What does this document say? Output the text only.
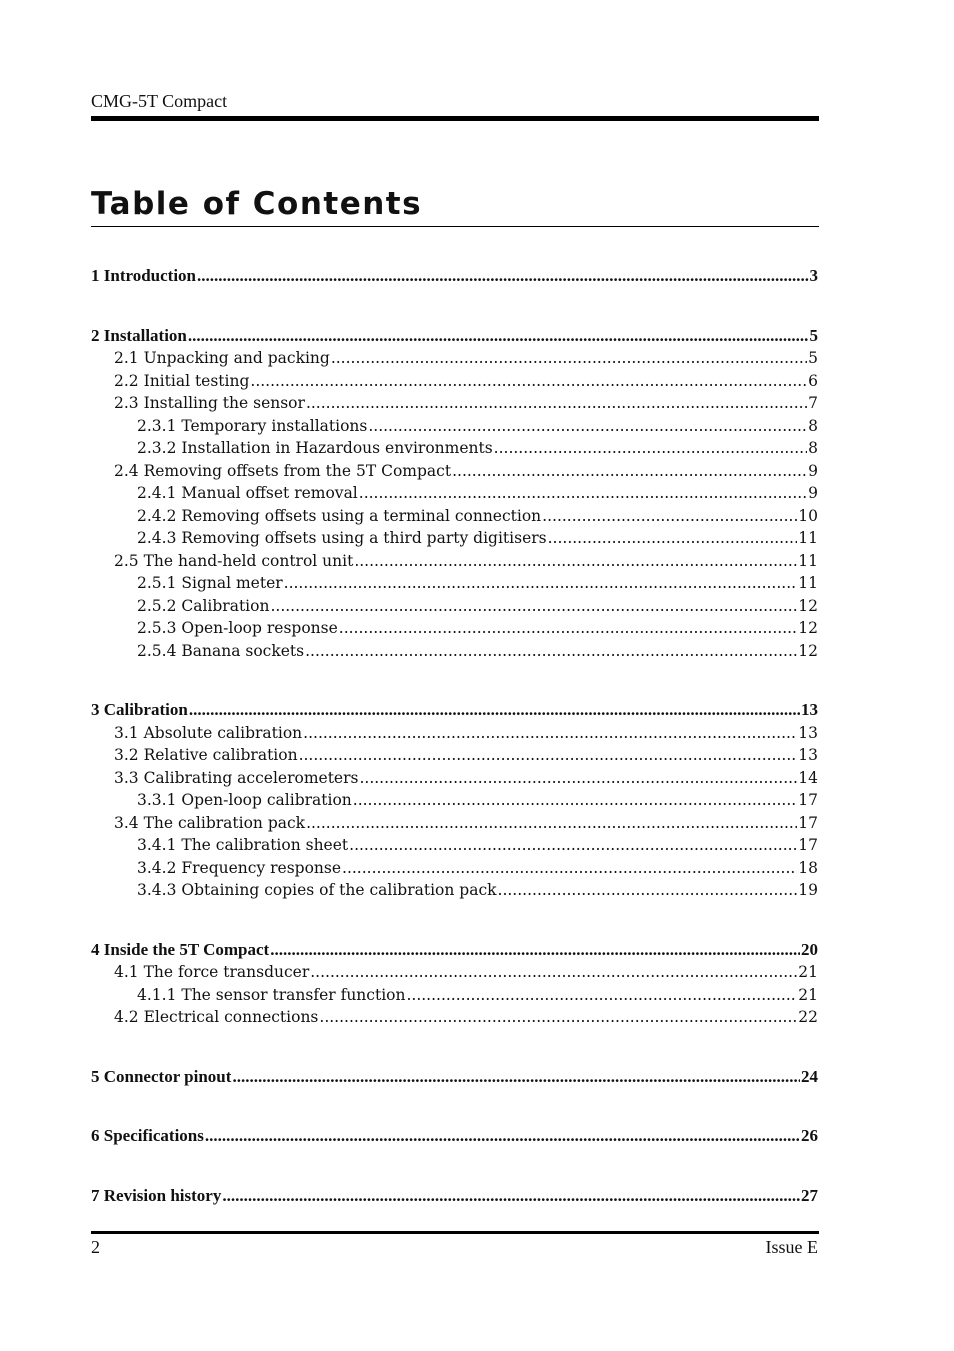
CMG-5T Compact
Table of Contents
1 Introduction .....	3
2 Installation .....	5
2.1 Unpacking and packing .....	5
2.2 Initial testing .....	6
2.3 Installing the sensor .....	7
2.3.1 Temporary installations .....	8
2.3.2 Installation in Hazardous environments .....	8
2.4 Removing offsets from the 5T Compact .....	9
2.4.1 Manual offset removal .....	9
2.4.2 Removing offsets using a terminal connection .....	10
2.4.3 Removing offsets using a third party digitisers .....	11
2.5 The hand-held control unit .....	11
2.5.1 Signal meter .....	11
2.5.2 Calibration .....	12
2.5.3 Open-loop response .....	12
2.5.4 Banana sockets .....	12
3 Calibration .....	13
3.1 Absolute calibration .....	13
3.2 Relative calibration .....	13
3.3 Calibrating accelerometers .....	14
3.3.1 Open-loop calibration .....	17
3.4 The calibration pack .....	17
3.4.1 The calibration sheet .....	17
3.4.2 Frequency response .....	18
3.4.3 Obtaining copies of the calibration pack .....	19
4 Inside the 5T Compact .....	20
4.1 The force transducer .....	21
4.1.1 The sensor transfer function .....	21
4.2 Electrical connections .....	22
5 Connector pinout .....	24
6 Specifications .....	26
7 Revision history .....	27
2	Issue E
